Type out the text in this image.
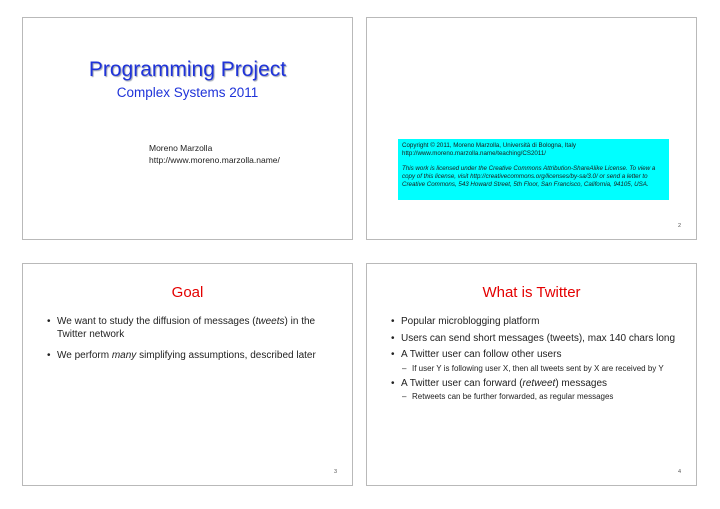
Programming Project
Complex Systems 2011
Moreno Marzolla
http://www.moreno.marzolla.name/
Copyright © 2011, Moreno Marzolla, Università di Bologna, Italy
http://www.moreno.marzolla.name/teaching/CS2011/
This work is licensed under the Creative Commons Attribution-ShareAlike License. To view a copy of this license, visit http://creativecommons.org/licenses/by-sa/3.0/ or send a letter to Creative Commons, 543 Howard Street, 5th Floor, San Francisco, California, 94105, USA.
2
Goal
• We want to study the diffusion of messages (tweets) in the Twitter network
• We perform many simplifying assumptions, described later
3
What is Twitter
• Popular microblogging platform
• Users can send short messages (tweets), max 140 chars long
• A Twitter user can follow other users
– If user Y is following user X, then all tweets sent by X are received by Y
• A Twitter user can forward (retweet) messages
– Retweets can be further forwarded, as regular messages
4
